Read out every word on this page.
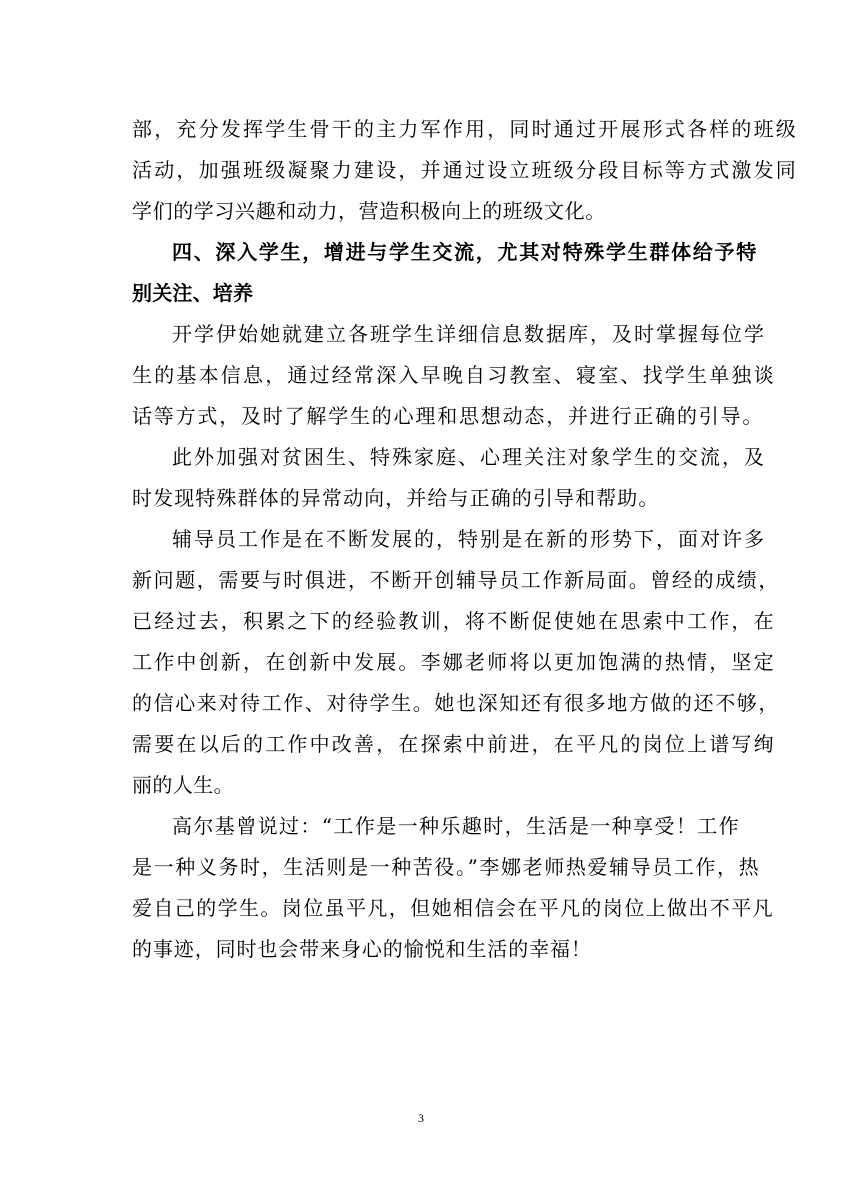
部，充分发挥学生骨干的主力军作用，同时通过开展形式各样的班级

活动，加强班级凝聚力建设，并通过设立班级分段目标等方式激发同

学们的学习兴趣和动力，营造积极向上的班级文化。

四、深入学生，增进与学生交流，尤其对特殊学生群体给予特

别关注、培养

开学伊始她就建立各班学生详细信息数据库，及时掌握每位学

生的基本信息，通过经常深入早晚自习教室、寝室、找学生单独谈

话等方式，及时了解学生的心理和思想动态，并进行正确的引导。

此外加强对贫困生、特殊家庭、心理关注对象学生的交流，及

时发现特殊群体的异常动向，并给与正确的引导和帮助。

辅导员工作是在不断发展的，特别是在新的形势下，面对许多

新问题，需要与时俱进，不断开创辅导员工作新局面。曾经的成绩，

已经过去，积累之下的经验教训，将不断促使她在思索中工作，在

工作中创新，在创新中发展。李娜老师将以更加饱满的热情，坚定

的信心来对待工作、对待学生。她也深知还有很多地方做的还不够，

需要在以后的工作中改善，在探索中前进，在平凡的岗位上谱写绚

丽的人生。

高尔基曾说过：“工作是一种乐趣时，生活是一种享受！工作

是一种义务时，生活则是一种苦役。”李娜老师热爱辅导员工作，热

爱自己的学生。岗位虽平凡，但她相信会在平凡的岗位上做出不平凡

的事迹，同时也会带来身心的愉悦和生活的幸福！

3
